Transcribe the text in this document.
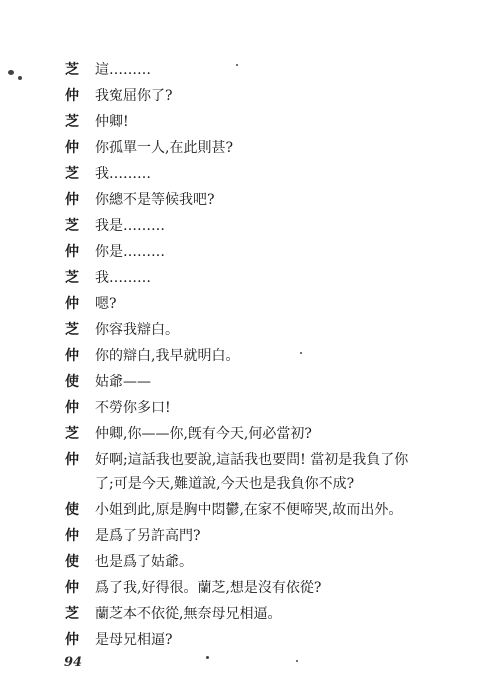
芝	這………
仲	我寃屈你了?
芝	仲卿!
仲	你孤單一人,在此則甚?
芝	我………
仲	你總不是等候我吧?
芝	我是………
仲	你是………
芝	我………
仲	嗯?
芝	你容我辯白。
仲	你的辯白,我早就明白。
使	姑爺——
仲	不勞你多口!
芝	仲卿,你——你,旣有今天,何必當初?
仲	好啊;這話我也要說,這話我也要問! 當初是我負了你
了;可是今天,難道說,今天也是我負你不成?
使	小姐到此,原是胸中悶鬱,在家不便啼哭,故而出外。
仲	是爲了另許高門?
使	也是爲了姑爺。
仲	爲了我,好得很。蘭芝,想是沒有依從?
芝	蘭芝本不依從,無奈母兄相逼。
仲	是母兄相逼?
94
